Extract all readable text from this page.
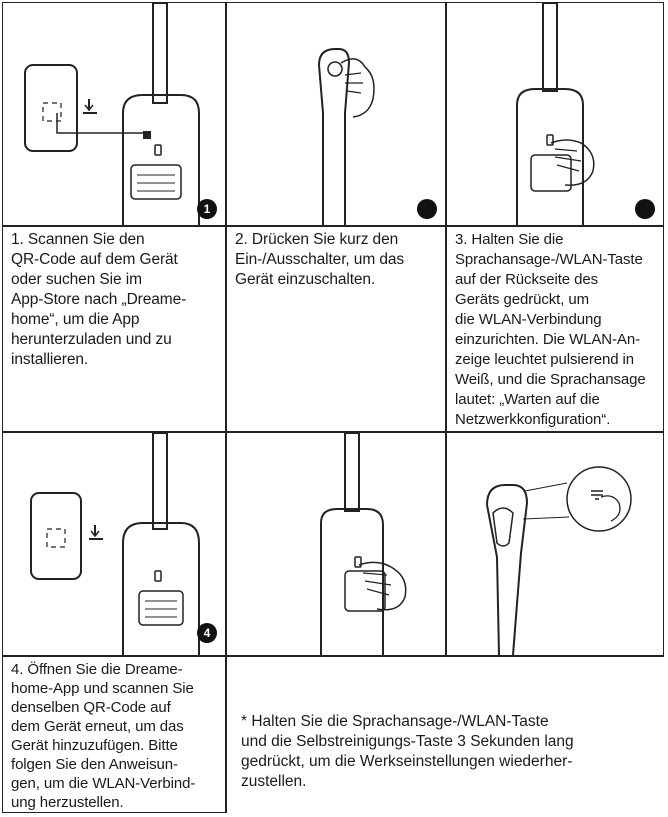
1

1. Scannen Sie den
QR-Code auf dem Gerät
oder suchen Sie im
App-Store nach „Dreame-
home“, um die App
herunterzuladen und zu
installieren.

2. Drücken Sie kurz den
Ein-/Ausschalter, um das
Gerät einzuschalten.

3. Halten Sie die
Sprachansage-/WLAN-Taste
auf der Rückseite des
Geräts gedrückt, um
die WLAN-Verbindung
einzurichten. Die WLAN-An-
zeige leuchtet pulsierend in
Weiß, und die Sprachansage
lautet: „Warten auf die
Netzwerkkonfiguration“.

4

4. Öffnen Sie die Dreame-
home-App und scannen Sie
denselben QR-Code auf
dem Gerät erneut, um das
Gerät hinzuzufügen. Bitte
folgen Sie den Anweisun-
gen, um die WLAN-Verbind-
ung herzustellen.

* Halten Sie die Sprachansage-/WLAN-Taste
und die Selbstreinigungs-Taste 3 Sekunden lang
gedrückt, um die Werkseinstellungen wiederher-
zustellen.
